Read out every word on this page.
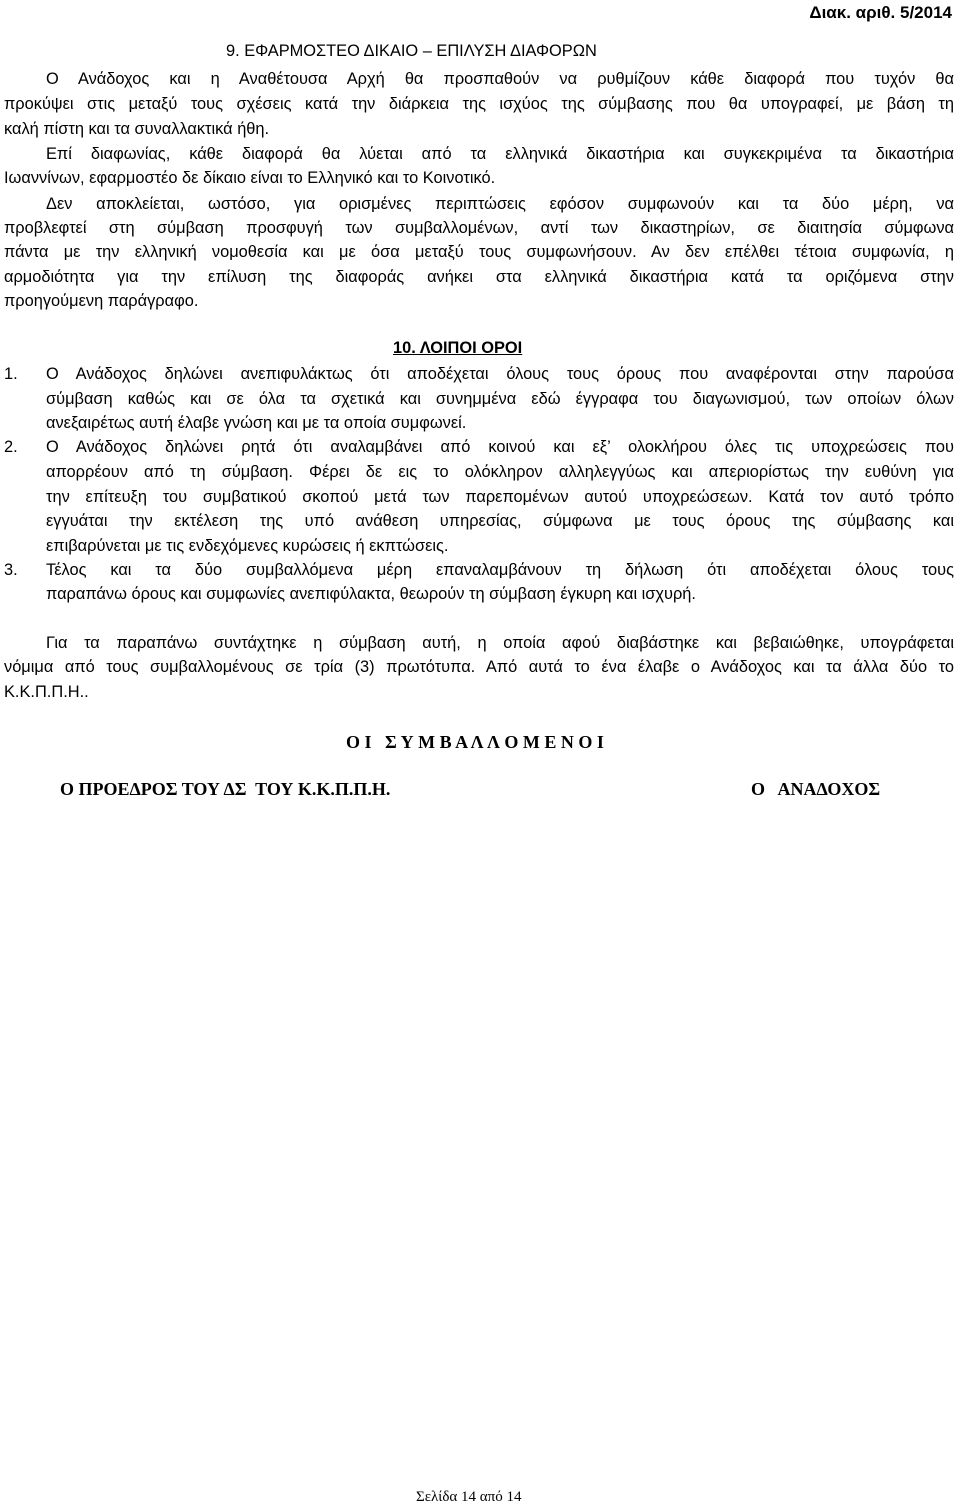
Διακ. αριθ. 5/2014
9. ΕΦΑΡΜΟΣΤΕΟ ΔΙΚΑΙΟ – ΕΠΙΛΥΣΗ ΔΙΑΦΟΡΩΝ
Ο Ανάδοχος και η Αναθέτουσα Αρχή θα προσπαθούν να ρυθμίζουν κάθε διαφορά που τυχόν θα
προκύψει στις μεταξύ τους σχέσεις κατά την διάρκεια της ισχύος της σύμβασης που θα υπογραφεί, με βάση τη
καλή πίστη και τα συναλλακτικά ήθη.
Επί διαφωνίας, κάθε διαφορά θα λύεται από τα ελληνικά δικαστήρια και συγκεκριμένα τα δικαστήρια
Ιωαννίνων, εφαρμοστέο δε δίκαιο είναι το Ελληνικό και το Κοινοτικό.
Δεν αποκλείεται, ωστόσο, για ορισμένες περιπτώσεις εφόσον συμφωνούν και τα δύο μέρη, να
προβλεφτεί στη σύμβαση προσφυγή των συμβαλλομένων, αντί των δικαστηρίων, σε διαιτησία σύμφωνα
πάντα με την ελληνική νομοθεσία και με όσα μεταξύ τους συμφωνήσουν. Αν δεν επέλθει τέτοια συμφωνία, η
αρμοδιότητα για την επίλυση της διαφοράς ανήκει στα ελληνικά δικαστήρια κατά τα οριζόμενα στην
προηγούμενη παράγραφο.
10. ΛΟΙΠΟΙ ΟΡΟΙ
1. Ο Ανάδοχος δηλώνει ανεπιφυλάκτως ότι αποδέχεται όλους τους όρους που αναφέρονται στην παρούσα
σύμβαση καθώς και σε όλα τα σχετικά και συνημμένα εδώ έγγραφα του διαγωνισμού, των οποίων όλων
ανεξαιρέτως αυτή έλαβε γνώση και με τα οποία συμφωνεί.
2. Ο Ανάδοχος δηλώνει ρητά ότι αναλαμβάνει από κοινού και εξ’ ολοκλήρου όλες τις υποχρεώσεις που
απορρέουν από τη σύμβαση. Φέρει δε εις το ολόκληρον αλληλεγγύως και απεριορίστως την ευθύνη για
την επίτευξη του συμβατικού σκοπού μετά των παρεπομένων αυτού υποχρεώσεων. Κατά τον αυτό τρόπο
εγγυάται την εκτέλεση της υπό ανάθεση υπηρεσίας, σύμφωνα με τους όρους της σύμβασης και
επιβαρύνεται με τις ενδεχόμενες κυρώσεις ή εκπτώσεις.
3. Τέλος και τα δύο συμβαλλόμενα μέρη επαναλαμβάνουν τη δήλωση ότι αποδέχεται όλους τους
παραπάνω όρους και συμφωνίες ανεπιφύλακτα, θεωρούν τη σύμβαση έγκυρη και ισχυρή.
Για τα παραπάνω συντάχτηκε η σύμβαση αυτή, η οποία αφού διαβάστηκε και βεβαιώθηκε, υπογράφεται
νόμιμα από τους συμβαλλομένους σε τρία (3) πρωτότυπα. Από αυτά το ένα έλαβε ο Ανάδοχος και τα άλλα δύο το
Κ.Κ.Π.Π.Η..
Ο Ι   Σ Υ Μ Β Α Λ Λ Ο Μ Ε Ν Ο Ι
Ο ΠΡΟΕΔΡΟΣ ΤΟΥ ΔΣ  ΤΟΥ Κ.Κ.Π.Π.Η.	Ο   ΑΝΑΔΟΧΟΣ
Σελίδα 14 από 14
